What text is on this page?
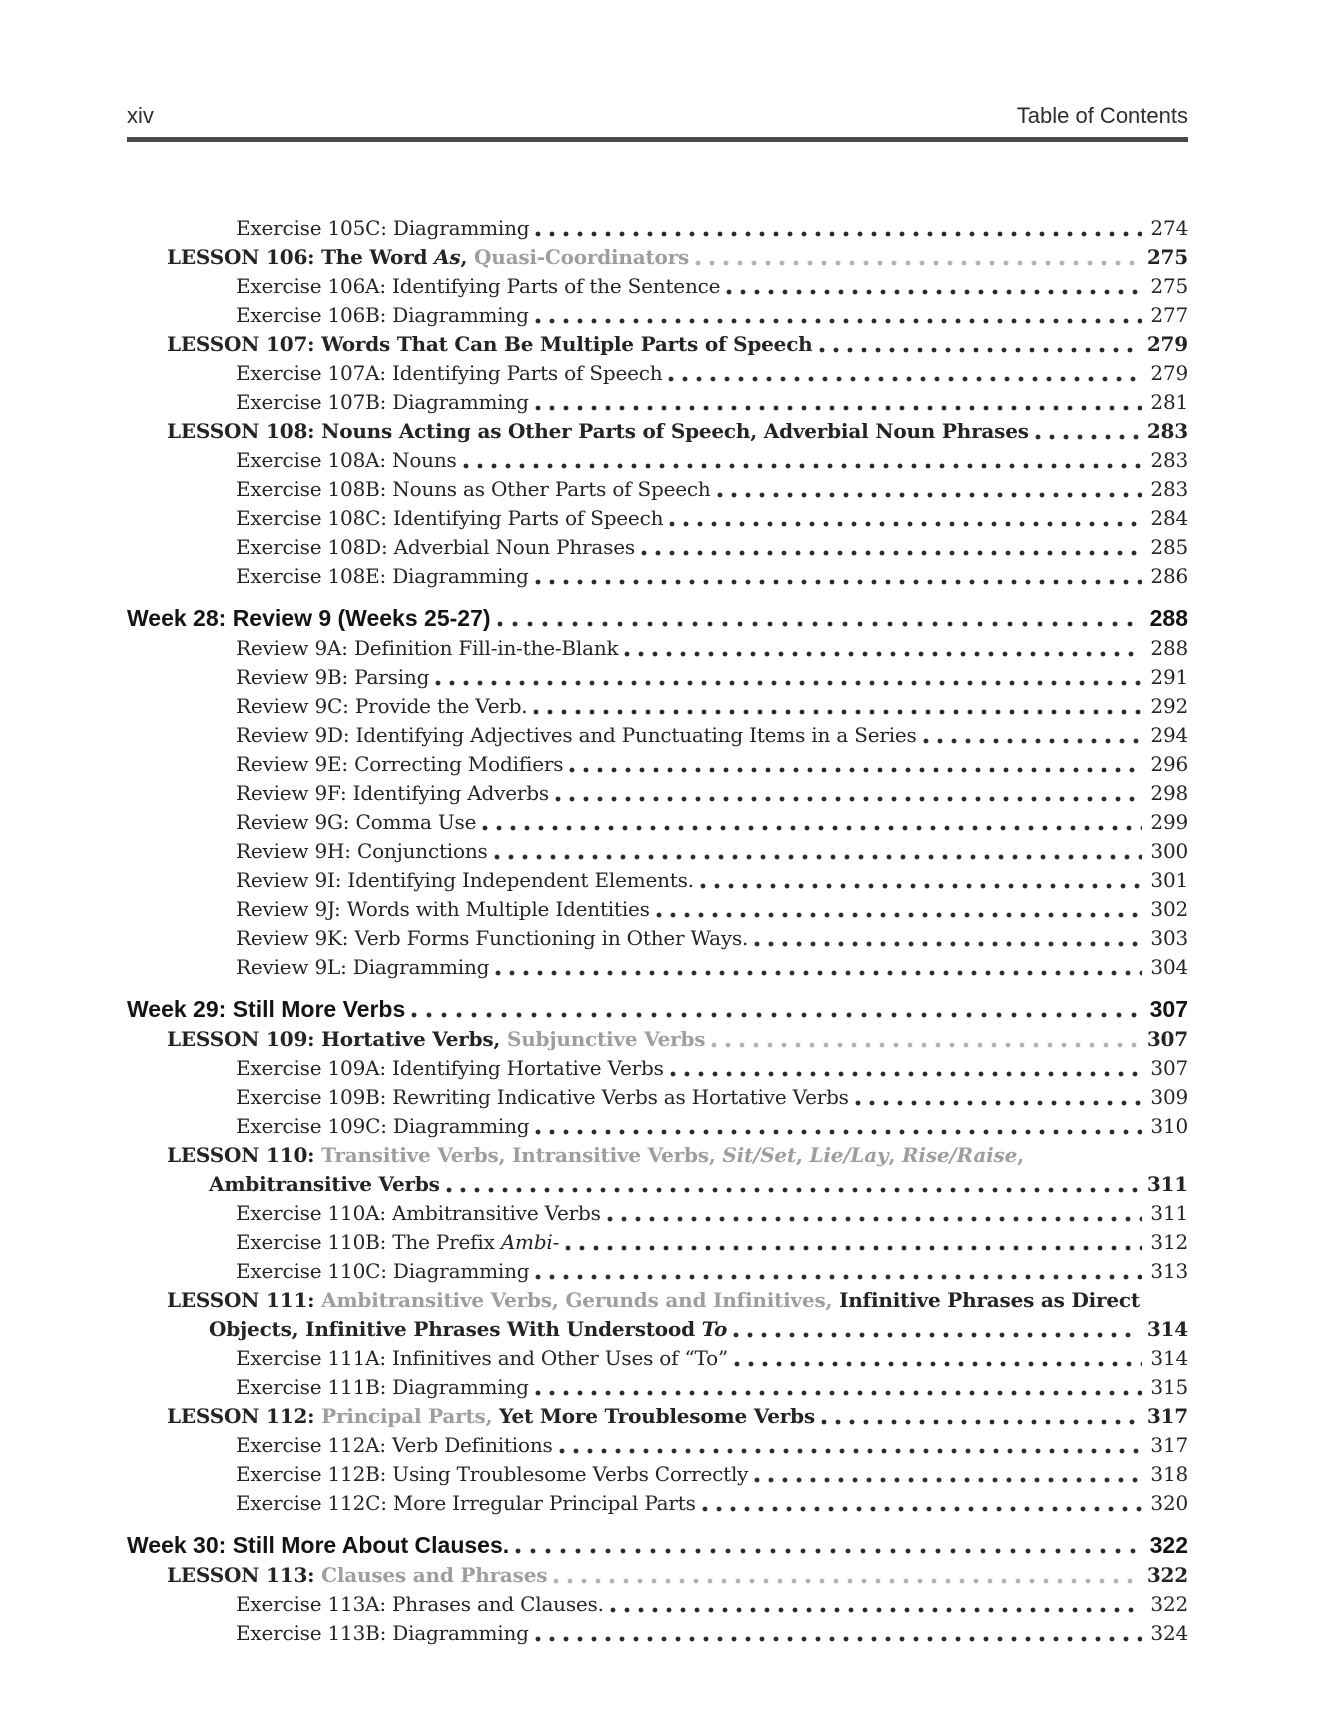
xiv	Table of Contents
Exercise 105C: Diagramming	274
LESSON 106: The Word As, Quasi-Coordinators	275
Exercise 106A: Identifying Parts of the Sentence	275
Exercise 106B: Diagramming	277
LESSON 107: Words That Can Be Multiple Parts of Speech	279
Exercise 107A: Identifying Parts of Speech	279
Exercise 107B: Diagramming	281
LESSON 108: Nouns Acting as Other Parts of Speech, Adverbial Noun Phrases	283
Exercise 108A: Nouns	283
Exercise 108B: Nouns as Other Parts of Speech	283
Exercise 108C: Identifying Parts of Speech	284
Exercise 108D: Adverbial Noun Phrases	285
Exercise 108E: Diagramming	286
Week 28: Review 9 (Weeks 25-27)	288
Review 9A: Definition Fill-in-the-Blank	288
Review 9B: Parsing	291
Review 9C: Provide the Verb.	292
Review 9D: Identifying Adjectives and Punctuating Items in a Series	294
Review 9E: Correcting Modifiers	296
Review 9F: Identifying Adverbs	298
Review 9G: Comma Use	299
Review 9H: Conjunctions	300
Review 9I: Identifying Independent Elements.	301
Review 9J: Words with Multiple Identities	302
Review 9K: Verb Forms Functioning in Other Ways.	303
Review 9L: Diagramming	304
Week 29: Still More Verbs	307
LESSON 109: Hortative Verbs, Subjunctive Verbs	307
Exercise 109A: Identifying Hortative Verbs	307
Exercise 109B: Rewriting Indicative Verbs as Hortative Verbs	309
Exercise 109C: Diagramming	310
LESSON 110: Transitive Verbs, Intransitive Verbs, Sit/Set, Lie/Lay, Rise/Raise,
Ambitransitive Verbs	311
Exercise 110A: Ambitransitive Verbs	311
Exercise 110B: The Prefix Ambi-	312
Exercise 110C: Diagramming	313
LESSON 111: Ambitransitive Verbs, Gerunds and Infinitives, Infinitive Phrases as Direct
Objects, Infinitive Phrases With Understood To	314
Exercise 111A: Infinitives and Other Uses of “To”	314
Exercise 111B: Diagramming	315
LESSON 112: Principal Parts, Yet More Troublesome Verbs	317
Exercise 112A: Verb Definitions	317
Exercise 112B: Using Troublesome Verbs Correctly	318
Exercise 112C: More Irregular Principal Parts	320
Week 30: Still More About Clauses.	322
LESSON 113: Clauses and Phrases	322
Exercise 113A: Phrases and Clauses.	322
Exercise 113B: Diagramming	324
